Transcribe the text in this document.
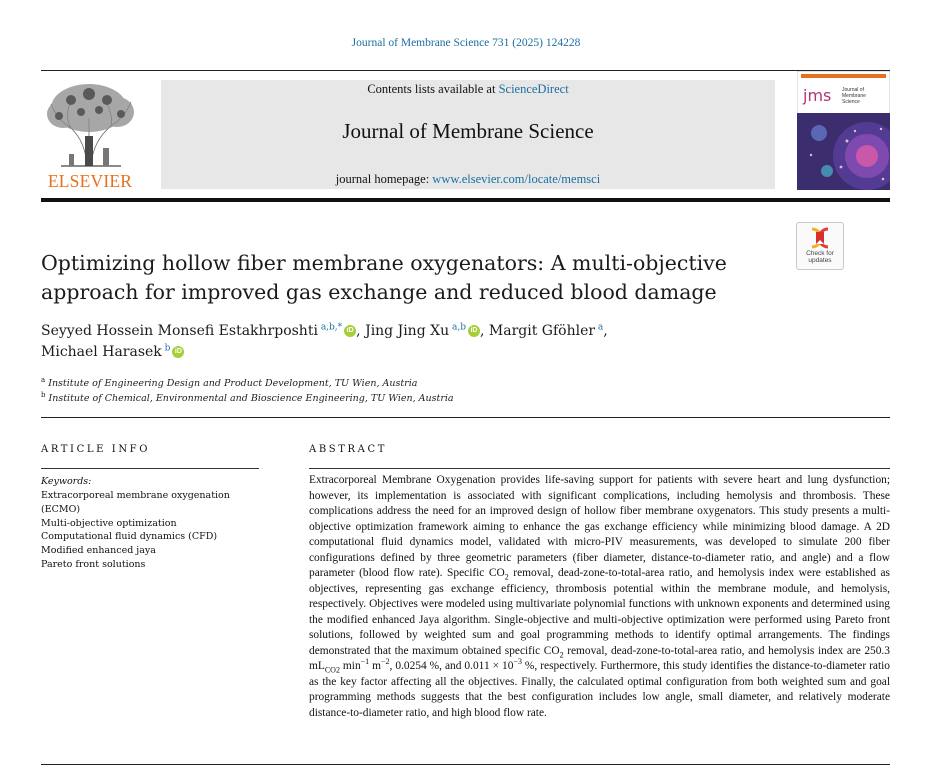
Journal of Membrane Science 731 (2025) 124228
ELSEVIER
Contents lists available at ScienceDirect
Journal of Membrane Science
journal homepage: www.elsevier.com/locate/memsci
jms Journal of
Membrane
Science
Check for
updates
Optimizing hollow fiber membrane oxygenators: A multi-objective
approach for improved gas exchange and reduced blood damage
Seyyed Hossein Monsefi Estakhrposhti $^{a,b,*}$ iD , Jing Jing Xu $^{a,b}$ iD , Margit Gföhler $^a$,
Michael Harasek $^b$ iD
$^a$ Institute of Engineering Design and Product Development, TU Wien, Austria
$^b$ Institute of Chemical, Environmental and Bioscience Engineering, TU Wien, Austria
ARTICLE INFO
Keywords:
Extracorporeal membrane oxygenation
(ECMO)
Multi-objective optimization
Computational fluid dynamics (CFD)
Modified enhanced jaya
Pareto front solutions
ABSTRACT
Extracorporeal Membrane Oxygenation provides life-saving support for patients with severe heart and lung dysfunction; however, its implementation is associated with significant complications, including hemolysis and thrombosis. These complications address the need for an improved design of hollow fiber membrane oxygenators. This study presents a multi-objective optimization framework aiming to enhance the gas exchange efficiency while minimizing blood damage. A 2D computational fluid dynamics model, validated with micro-PIV measurements, was developed to simulate 200 fiber configurations defined by three geometric parameters (fiber diameter, distance-to-diameter ratio, and angle) and a flow parameter (blood flow rate). Specific $CO_2$ removal, dead-zone-to-total-area ratio, and hemolysis index were established as objectives, representing gas exchange efficiency, thrombosis potential within the membrane module, and hemolysis, respectively. Objectives were modeled using multivariate polynomial functions with unknown exponents and determined using the modified enhanced Jaya algorithm. Single-objective and multi-objective optimization were performed using Pareto front solutions, followed by weighted sum and goal programming methods to identify optimal arrangements. The findings demonstrated that the maximum obtained specific $CO_2$ removal, dead-zone-to-total-area ratio, and hemolysis index are 250.3 $mL_{CO2}$ $\min^{-1} m^{-2}$, 0.0254 %, and $0.011 \times 10^{-3}$ %, respectively. Furthermore, this study identifies the distance-to-diameter ratio as the key factor affecting all the objectives. Finally, the calculated optimal configuration from both weighted sum and goal programming methods suggests that the best configuration includes low angle, small diameter, and relatively moderate distance-to-diameter ratio, and high blood flow rate.
